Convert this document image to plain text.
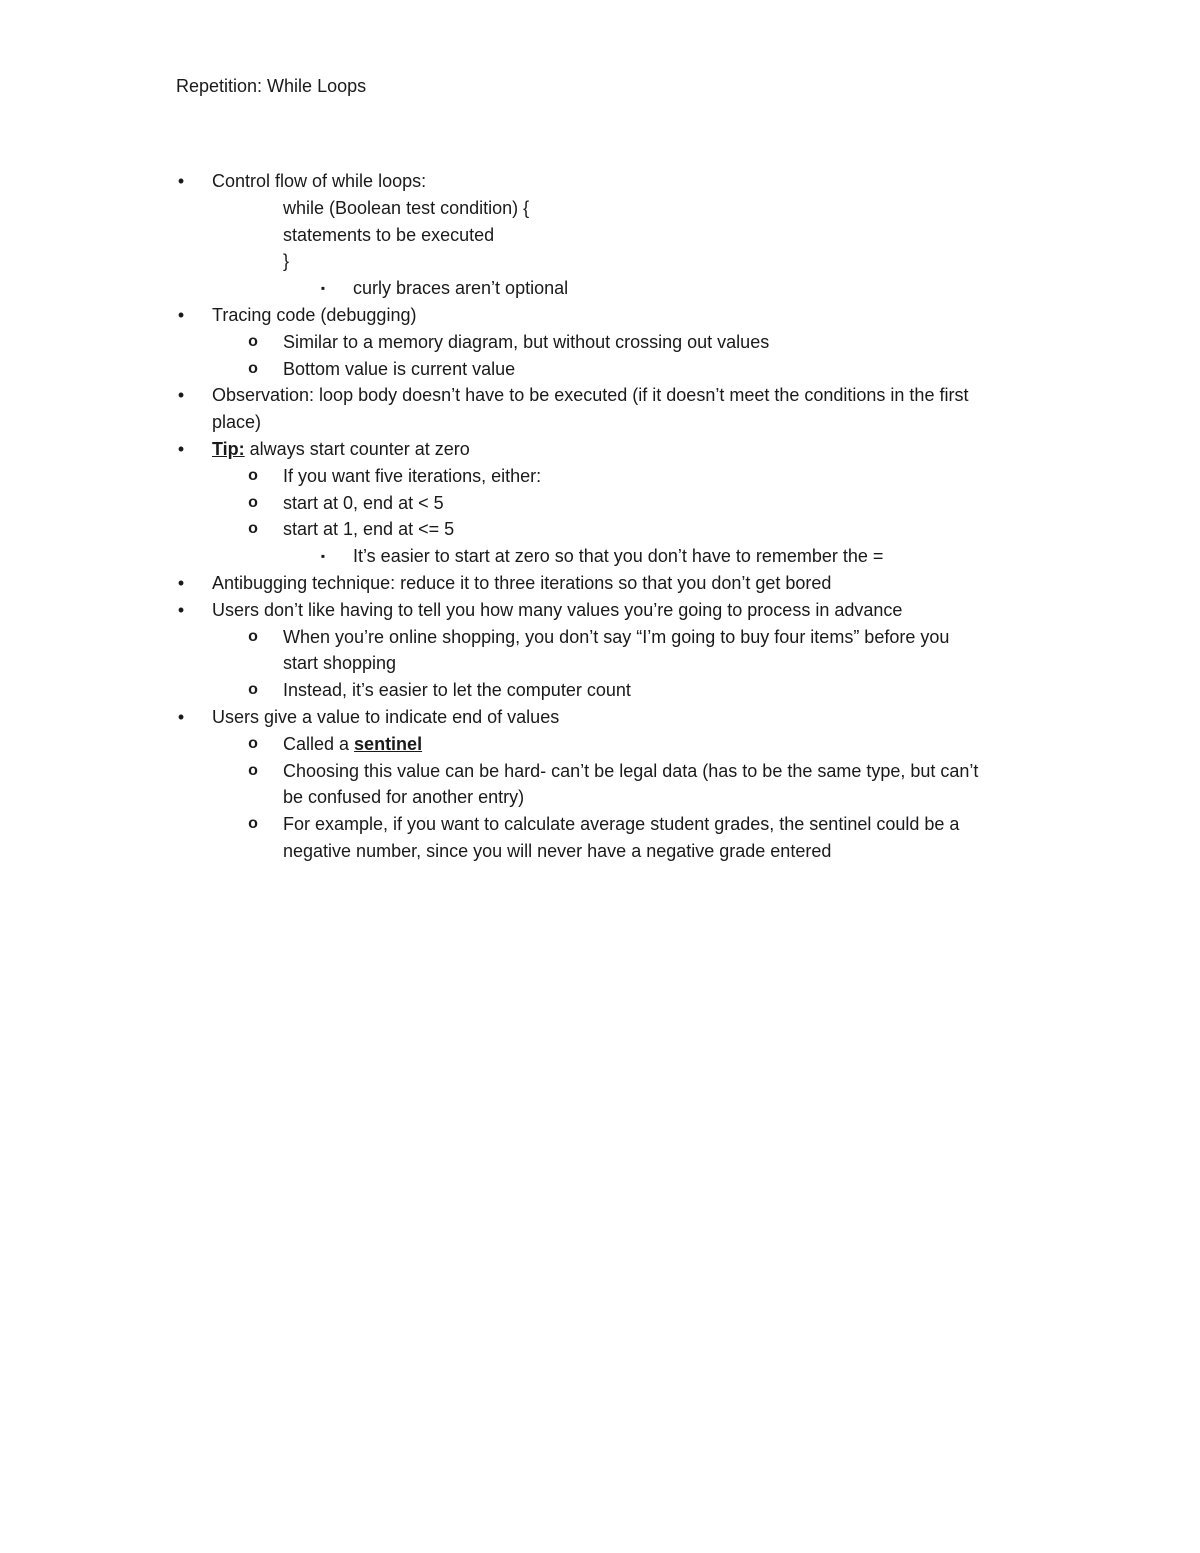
Repetition: While Loops
• Control flow of while loops:
while (Boolean test condition) {
statements to be executed
}
▪ curly braces aren’t optional
• Tracing code (debugging)
o Similar to a memory diagram, but without crossing out values
o Bottom value is current value
• Observation: loop body doesn’t have to be executed (if it doesn’t meet the conditions in the first
place)
• Tip: always start counter at zero
o If you want five iterations, either:
o start at 0, end at < 5
o start at 1, end at <= 5
▪ It’s easier to start at zero so that you don’t have to remember the =
• Antibugging technique: reduce it to three iterations so that you don’t get bored
• Users don’t like having to tell you how many values you’re going to process in advance
o When you’re online shopping, you don’t say “I’m going to buy four items” before you
start shopping
o Instead, it’s easier to let the computer count
• Users give a value to indicate end of values
o Called a sentinel
o Choosing this value can be hard- can’t be legal data (has to be the same type, but can’t
be confused for another entry)
o For example, if you want to calculate average student grades, the sentinel could be a
negative number, since you will never have a negative grade entered
